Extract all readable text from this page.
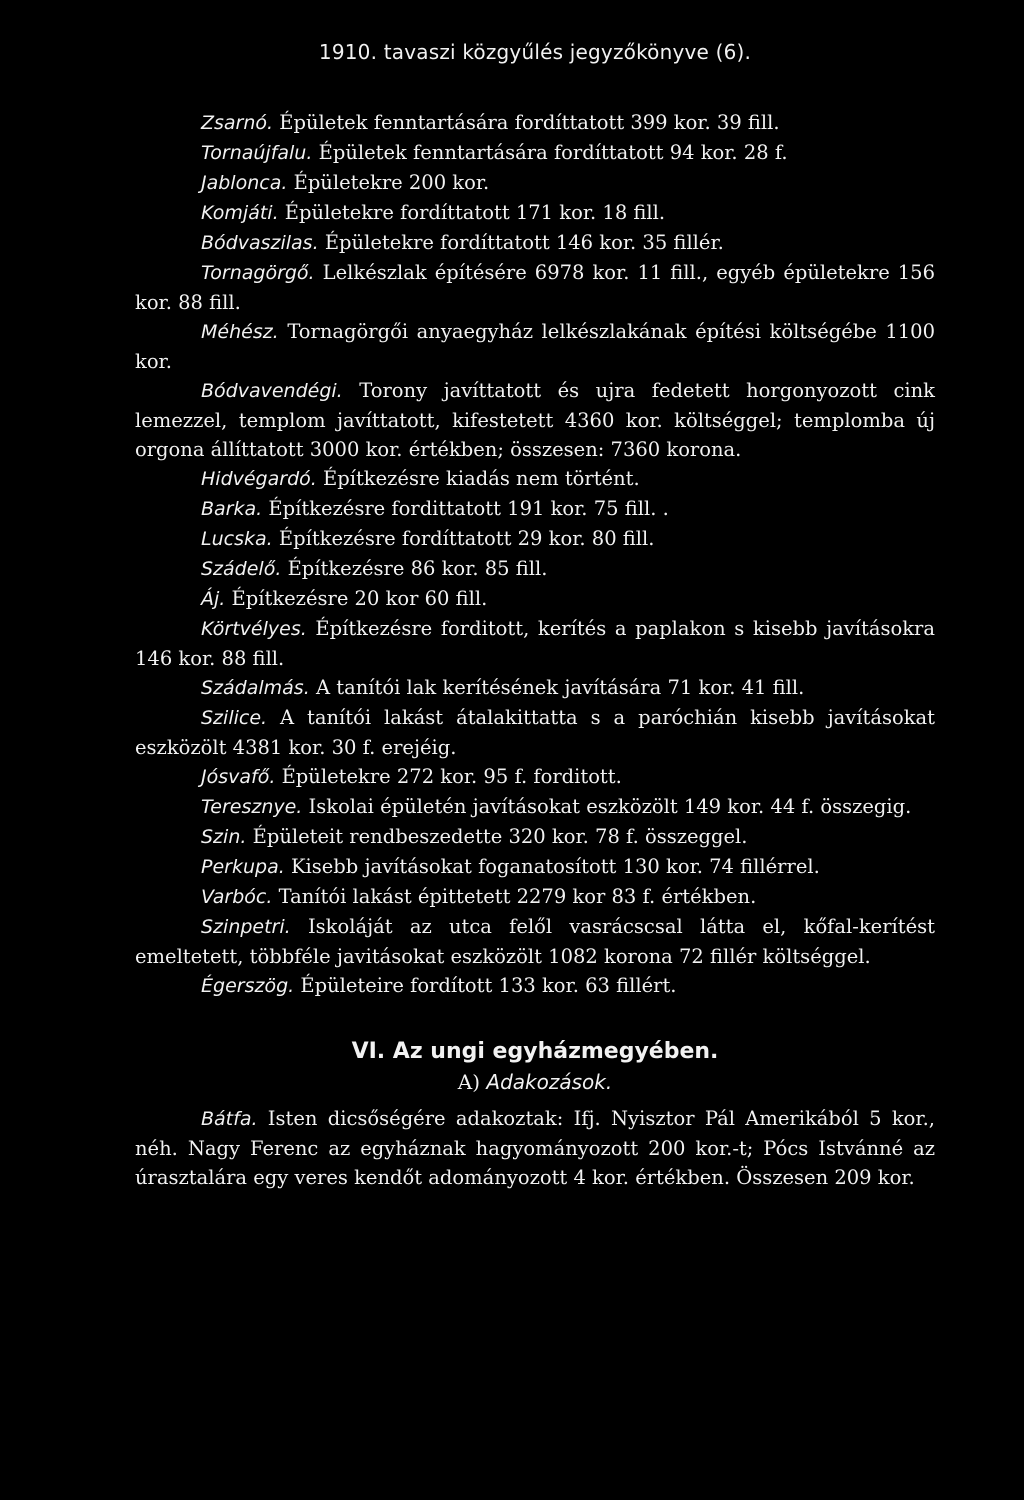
1910. tavaszi közgyűlés jegyzőkönyve (6).

Zsarnó. Épületek fenntartására fordíttatott 399 kor. 39 fill.

Tornaújfalu. Épületek fenntartására fordíttatott 94 kor. 28 f.

Jablonca. Épületekre 200 kor.

Komjáti. Épületekre fordíttatott 171 kor. 18 fill.

Bódvaszilas. Épületekre fordíttatott 146 kor. 35 fillér.

Tornagörgő. Lelkészlak építésére 6978 kor. 11 fill., egyéb épületekre 156 kor. 88 fill.

Méhész. Tornagörgői anyaegyház lelkészlakának építési költségébe 1100 kor.

Bódvavendégi. Torony javíttatott és ujra fedetett horgonyozott cink lemezzel, templom javíttatott, kifestetett 4360 kor. költséggel; templomba új orgona állíttatott 3000 kor. értékben; összesen: 7360 korona.

Hidvégardó. Építkezésre kiadás nem történt.

Barka. Építkezésre fordittatott 191 kor. 75 fill. .

Lucska. Építkezésre fordíttatott 29 kor. 80 fill.

Szádelő. Építkezésre 86 kor. 85 fill.

Áj. Építkezésre 20 kor 60 fill.

Körtvélyes. Építkezésre forditott, kerítés a paplakon s kisebb javításokra 146 kor. 88 fill.

Szádalmás. A tanítói lak kerítésének javítására 71 kor. 41 fill.

Szilice. A tanítói lakást átalakittatta s a paróchián kisebb javításokat eszközölt 4381 kor. 30 f. erejéig.

Jósvafő. Épületekre 272 kor. 95 f. forditott.

Teresznye. Iskolai épületén javításokat eszközölt 149 kor. 44 f. összegig.

Szin. Épületeit rendbeszedette 320 kor. 78 f. összeggel.

Perkupa. Kisebb javításokat foganatosított 130 kor. 74 fillérrel.

Varbóc. Tanítói lakást épittetett 2279 kor 83 f. értékben.

Szinpetri. Iskoláját az utca felől vasrácscsal látta el, kőfal-kerítést emeltetett, többféle javitásokat eszközölt 1082 korona 72 fillér költséggel.

Égerszög. Épületeire fordított 133 kor. 63 fillért.

VI. Az ungi egyházmegyében.
A) Adakozások.

Bátfa. Isten dicsőségére adakoztak: Ifj. Nyisztor Pál Amerikából 5 kor., néh. Nagy Ferenc az egyháznak hagyományozott 200 kor.-t; Pócs Istvánné az úrasztalára egy veres kendőt adományozott 4 kor. értékben. Összesen 209 kor.
